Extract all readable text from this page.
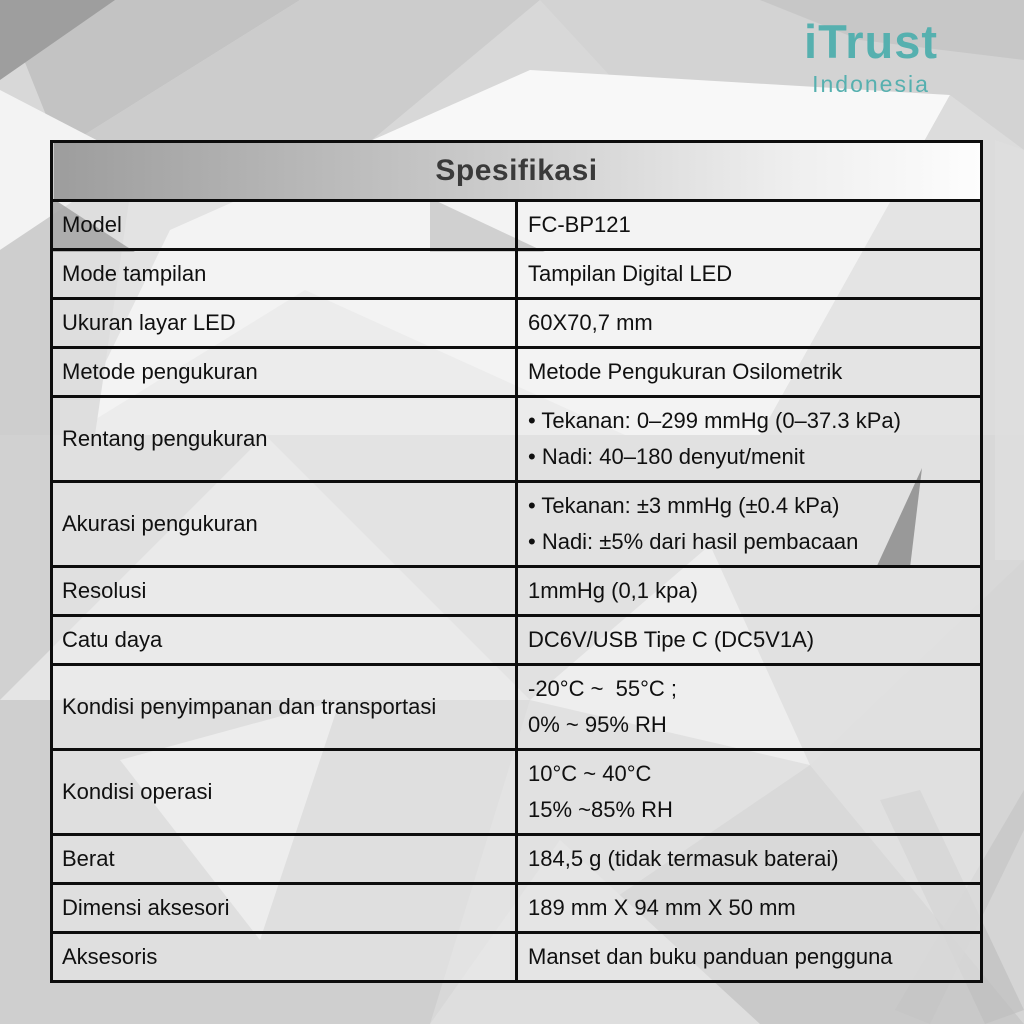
iTrust
Indonesia
Spesifikasi	
Model	FC-BP121

Mode tampilan	Tampilan Digital LED

Ukuran layar LED	60X70,7 mm

Metode pengukuran	Metode Pengukuran Osilometrik

Rentang pengukuran	• Tekanan: 0–299 mmHg (0–37.3 kPa)
• Nadi: 40–180 denyut/menit

Akurasi pengukuran	• Tekanan: ±3 mmHg (±0.4 kPa)
• Nadi: ±5% dari hasil pembacaan

Resolusi	1mmHg (0,1 kpa)

Catu daya	DC6V/USB Tipe C (DC5V1A)

Kondisi penyimpanan dan transportasi	-20°C ~  55°C ;
0% ~ 95% RH

Kondisi operasi	10°C ~ 40°C
15% ~85% RH

Berat	184,5 g (tidak termasuk baterai)

Dimensi aksesori	189 mm X 94 mm X 50 mm

Aksesoris	Manset dan buku panduan pengguna
